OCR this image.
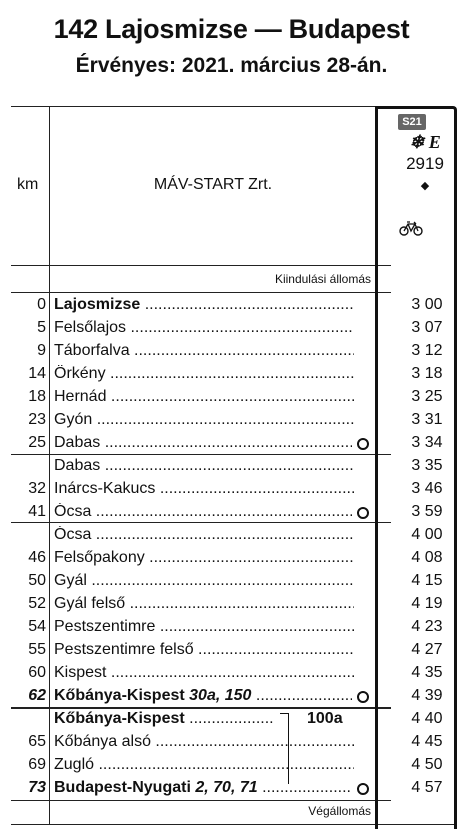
142 Lajosmizse — Budapest
Érvényes: 2021. március 28-án.
km	MÁV-START Zrt.
S21
❄ E
2919
◆
Kiindulási állomás
Végállomás
0 Lajosmizse .....	3 00
5 Felsőlajos .....	3 07
9 Táborfalva .....	3 12
14 Örkény .....	3 18
18 Hernád .....	3 25
23 Gyón .....	3 31
25 Dabas .....	3 34
Dabas .....	3 35
32 Inárcs-Kakucs .....	3 46
41 Ócsa .....	3 59
Ócsa .....	4 00
46 Felsőpakony .....	4 08
50 Gyál .....	4 15
52 Gyál felső .....	4 19
54 Pestszentimre .....	4 23
55 Pestszentimre felső .....	4 27
60 Kispest .....	4 35
62 Kőbánya-Kispest 30a, 150 .....	4 39
Kőbánya-Kispest .....	100a	4 40
65 Kőbánya alsó .....	4 45
69 Zugló .....	4 50
73 Budapest-Nyugati 2, 70, 71 .....	4 57
